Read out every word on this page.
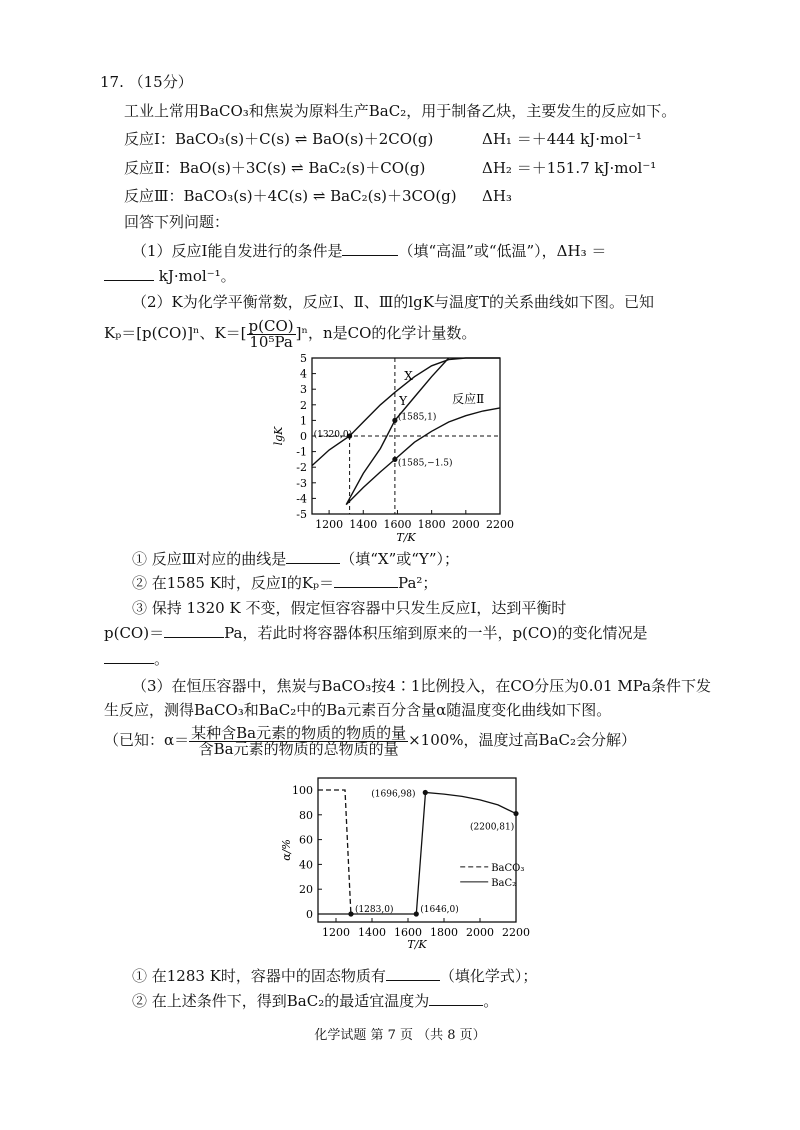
17. （15分）
工业上常用BaCO₃和焦炭为原料生产BaC₂，用于制备乙炔，主要发生的反应如下。
反应Ⅰ：BaCO₃(s)＋C(s) ⇌ BaO(s)＋2CO(g)	ΔH₁ ＝＋444 kJ·mol⁻¹
反应Ⅱ：BaO(s)＋3C(s) ⇌ BaC₂(s)＋CO(g)	ΔH₂ ＝＋151.7 kJ·mol⁻¹
反应Ⅲ：BaCO₃(s)＋4C(s) ⇌ BaC₂(s)＋3CO(g) ΔH₃
回答下列问题：
（1）反应Ⅰ能自发进行的条件是	（填“高温”或“低温”），ΔH₃ ＝
kJ·mol⁻¹。
（2）K为化学平衡常数，反应Ⅰ、Ⅱ、Ⅲ的lgK与温度T的关系曲线如下图。已知
Kₚ＝[p(CO)]ⁿ、$K=[ \frac{p(CO)}{\text{10⁵Pa}} ]^n$，n是CO的化学计量数。
-5
-4
-3
-2
-1
0
1
2
3
4
5
1200 1400 1600 1800 2000 2200
T/K
lgK
X
Y	反应Ⅱ
(1320,0)
(1585,1)
(1585,−1.5)
① 反应Ⅲ对应的曲线是	（填“X”或“Y”）；
② 在1585 K时，反应Ⅰ的Kₚ＝	Pa²；
③ 保持 1320 K 不变，假定恒容容器中只发生反应Ⅰ，达到平衡时
p(CO)＝	Pa，若此时将容器体积压缩到原来的一半，p(CO)的变化情况是
。
（3）在恒压容器中，焦炭与BaCO₃按4∶1比例投入，在CO分压为0.01 MPa条件下发
生反应，测得BaCO₃和BaC₂中的Ba元素百分含量α随温度变化曲线如下图。
（已知：$\alpha= \frac{\text{某种含Ba元素的物质的物质的量}}{\text{含Ba元素的物质的总物质的量}} \times 100\%$，温度过高BaC₂会分解）
0
20
40
60
80
100
1200 1400 1600 1800 2000 2200
T/K
α/%
BaCO₃
BaC₂
(1696,98)
(2200,81)
(1283,0)	(1646,0)
① 在1283 K时，容器中的固态物质有	（填化学式）；
② 在上述条件下，得到BaC₂的最适宜温度为	。
化学试题 第 7 页 （共 8 页）
